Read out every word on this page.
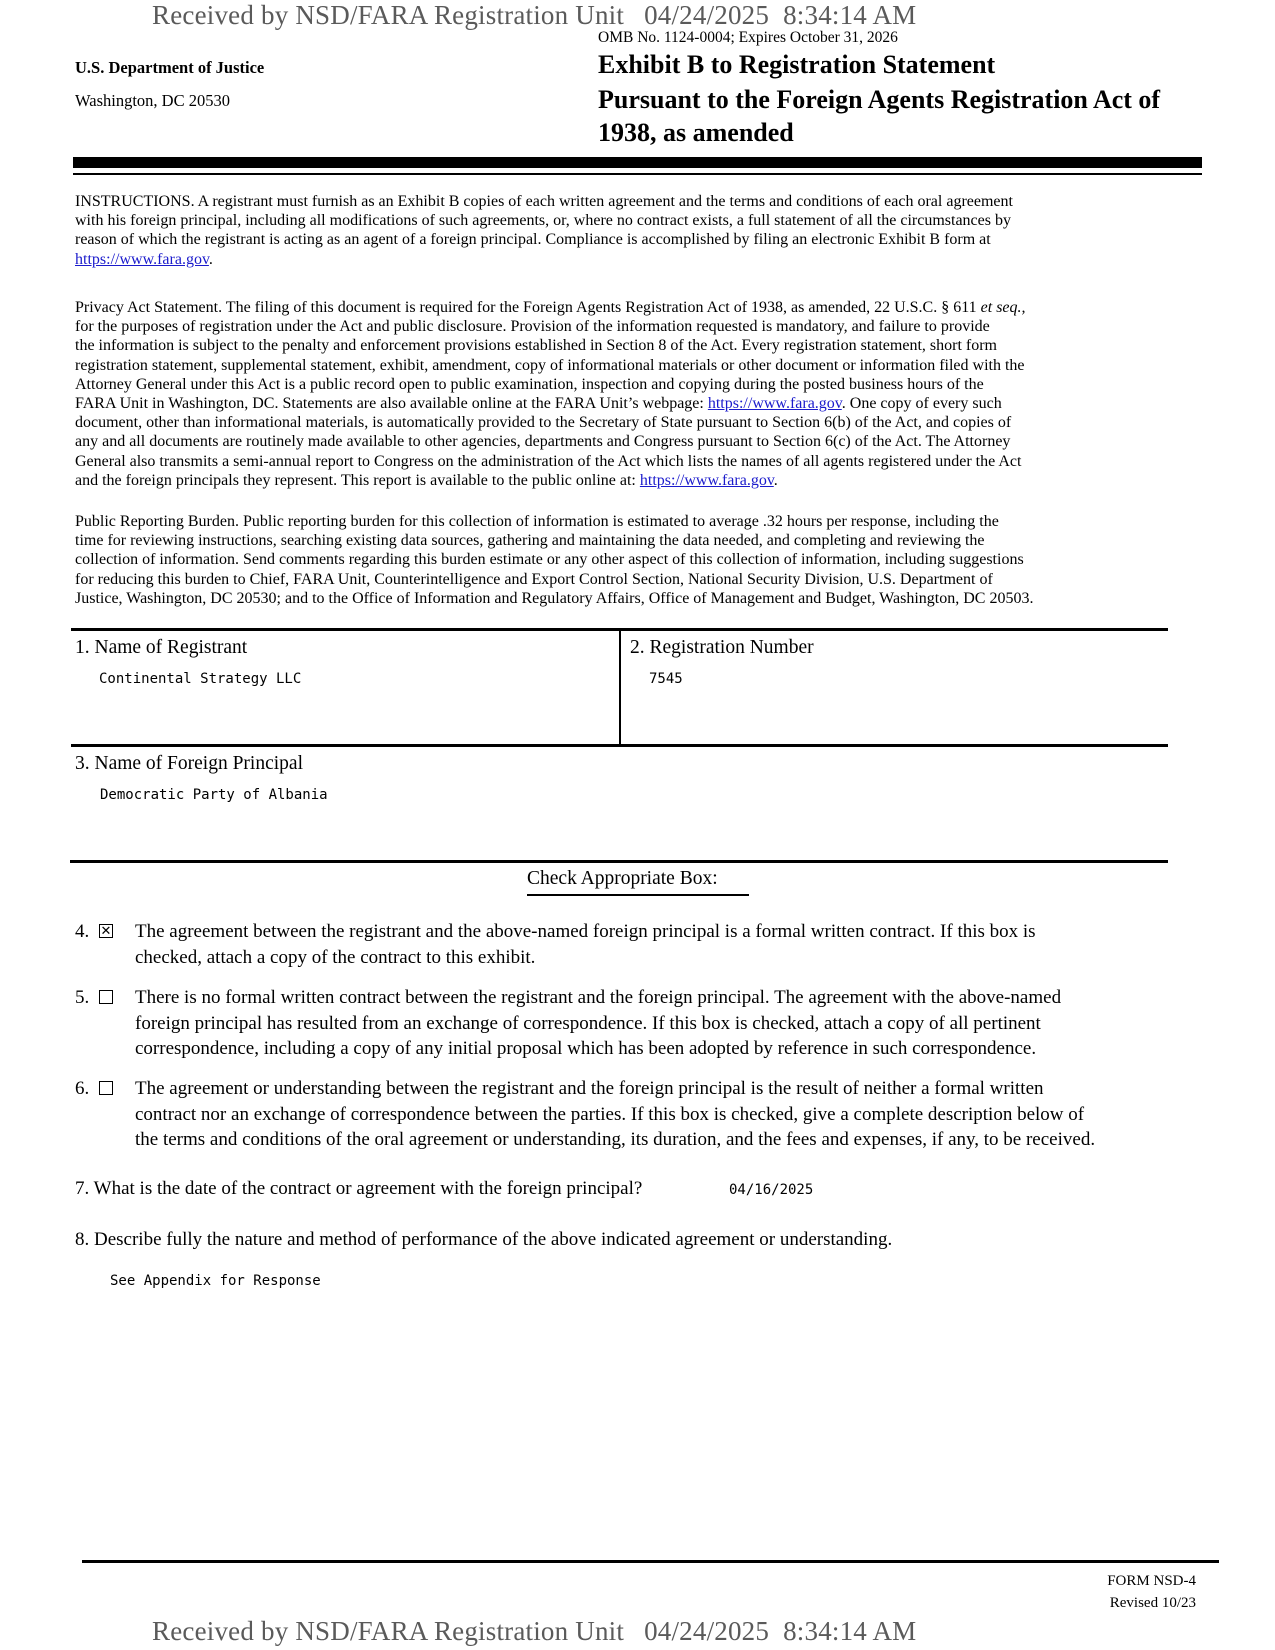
Received by NSD/FARA Registration Unit 04/24/2025 8:34:14 AM
OMB No. 1124-0004; Expires October 31, 2026
U.S. Department of Justice
Washington, DC 20530
Exhibit B to Registration Statement
Pursuant to the Foreign Agents Registration Act of
1938, as amended
INSTRUCTIONS. A registrant must furnish as an Exhibit B copies of each written agreement and the terms and conditions of each oral agreement
with his foreign principal, including all modifications of such agreements, or, where no contract exists, a full statement of all the circumstances by
reason of which the registrant is acting as an agent of a foreign principal. Compliance is accomplished by filing an electronic Exhibit B form at
https://www.fara.gov.
Privacy Act Statement. The filing of this document is required for the Foreign Agents Registration Act of 1938, as amended, 22 U.S.C. § 611 et seq.,
for the purposes of registration under the Act and public disclosure. Provision of the information requested is mandatory, and failure to provide
the information is subject to the penalty and enforcement provisions established in Section 8 of the Act. Every registration statement, short form
registration statement, supplemental statement, exhibit, amendment, copy of informational materials or other document or information filed with the
Attorney General under this Act is a public record open to public examination, inspection and copying during the posted business hours of the
FARA Unit in Washington, DC. Statements are also available online at the FARA Unit’s webpage: https://www.fara.gov. One copy of every such
document, other than informational materials, is automatically provided to the Secretary of State pursuant to Section 6(b) of the Act, and copies of
any and all documents are routinely made available to other agencies, departments and Congress pursuant to Section 6(c) of the Act. The Attorney
General also transmits a semi-annual report to Congress on the administration of the Act which lists the names of all agents registered under the Act
and the foreign principals they represent. This report is available to the public online at: https://www.fara.gov.
Public Reporting Burden. Public reporting burden for this collection of information is estimated to average .32 hours per response, including the
time for reviewing instructions, searching existing data sources, gathering and maintaining the data needed, and completing and reviewing the
collection of information. Send comments regarding this burden estimate or any other aspect of this collection of information, including suggestions
for reducing this burden to Chief, FARA Unit, Counterintelligence and Export Control Section, National Security Division, U.S. Department of
Justice, Washington, DC 20530; and to the Office of Information and Regulatory Affairs, Office of Management and Budget, Washington, DC 20503.
1. Name of Registrant
Continental Strategy LLC
2. Registration Number
7545
3. Name of Foreign Principal
Democratic Party of Albania
Check Appropriate Box:
4. ✕ The agreement between the registrant and the above-named foreign principal is a formal written contract. If this box is
checked, attach a copy of the contract to this exhibit.
5. There is no formal written contract between the registrant and the foreign principal. The agreement with the above-named
foreign principal has resulted from an exchange of correspondence. If this box is checked, attach a copy of all pertinent
correspondence, including a copy of any initial proposal which has been adopted by reference in such correspondence.
6. The agreement or understanding between the registrant and the foreign principal is the result of neither a formal written
contract nor an exchange of correspondence between the parties. If this box is checked, give a complete description below of
the terms and conditions of the oral agreement or understanding, its duration, and the fees and expenses, if any, to be received.
7. What is the date of the contract or agreement with the foreign principal?	04/16/2025
8. Describe fully the nature and method of performance of the above indicated agreement or understanding.
See Appendix for Response
FORM NSD-4
Revised 10/23
Received by NSD/FARA Registration Unit 04/24/2025 8:34:14 AM
